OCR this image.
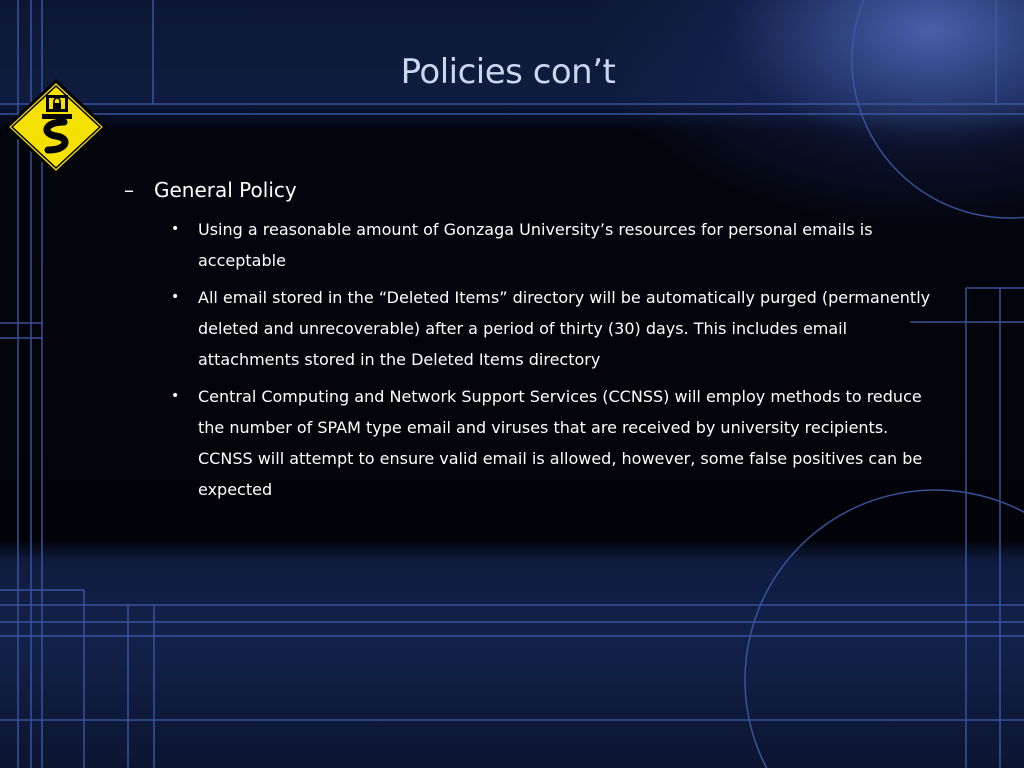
Policies con’t
– General Policy
• Using a reasonable amount of Gonzaga University’s resources for personal emails is acceptable
• All email stored in the “Deleted Items” directory will be automatically purged (permanently deleted and unrecoverable) after a period of thirty (30) days. This includes email attachments stored in the Deleted Items directory
• Central Computing and Network Support Services (CCNSS) will employ methods to reduce the number of SPAM type email and viruses that are received by university recipients. CCNSS will attempt to ensure valid email is allowed, however, some false positives can be expected
